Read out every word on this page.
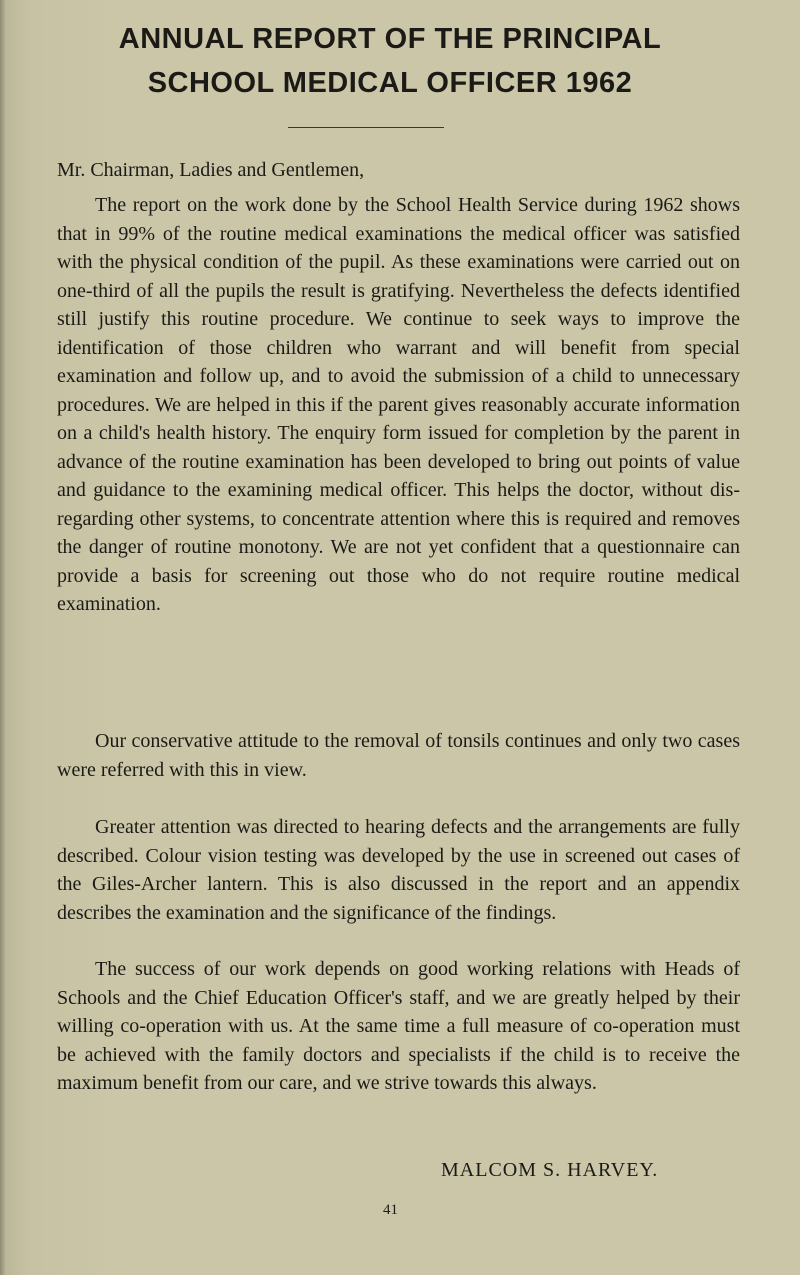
ANNUAL REPORT OF THE PRINCIPAL
SCHOOL MEDICAL OFFICER 1962

Mr. Chairman, Ladies and Gentlemen,

The report on the work done by the School Health Service during 1962 shows that in 99% of the routine medical examinations the medical officer was satisfied with the physical condition of the pupil. As these examinations were carried out on one-third of all the pupils the result is gratifying. Nevertheless the defects identified still justify this routine procedure. We continue to seek ways to improve the identification of those children who warrant and will benefit from special examination and follow up, and to avoid the submission of a child to unnecessary procedures. We are helped in this if the parent gives reasonably accurate information on a child's health history. The enquiry form issued for completion by the parent in advance of the routine examination has been developed to bring out points of value and guidance to the examining medical officer. This helps the doctor, without dis-regarding other systems, to concentrate attention where this is required and removes the danger of routine monotony. We are not yet confident that a questionnaire can provide a basis for screening out those who do not require routine medical examination.

Our conservative attitude to the removal of tonsils continues and only two cases were referred with this in view.

Greater attention was directed to hearing defects and the arrangements are fully described. Colour vision testing was developed by the use in screened out cases of the Giles-Archer lantern. This is also discussed in the report and an appendix describes the examination and the significance of the findings.

The success of our work depends on good working relations with Heads of Schools and the Chief Education Officer's staff, and we are greatly helped by their willing co-operation with us. At the same time a full measure of co-operation must be achieved with the family doctors and specialists if the child is to receive the maximum benefit from our care, and we strive towards this always.

MALCOM S. HARVEY.

41
